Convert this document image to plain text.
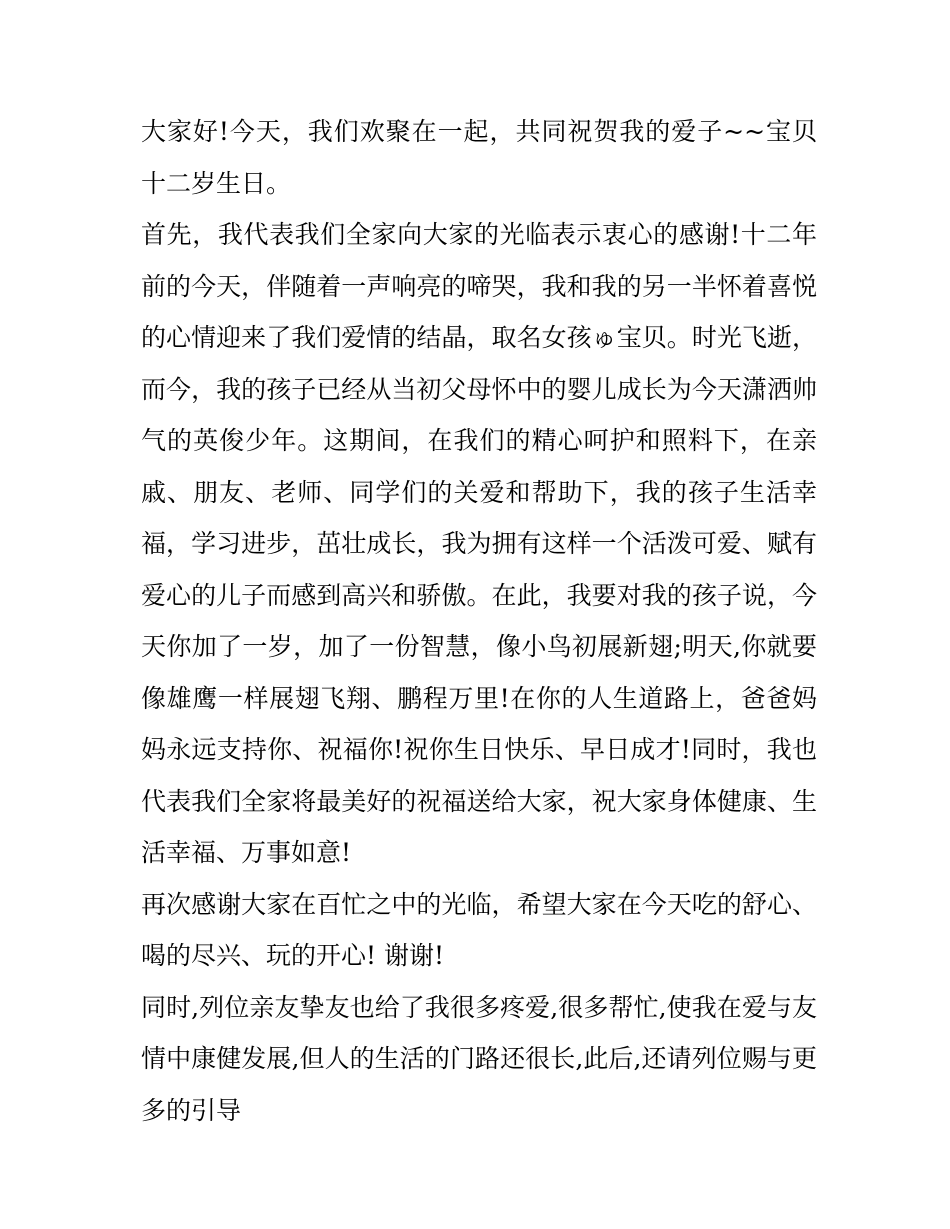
大家好!今天，我们欢聚在一起，共同祝贺我的爱子~~宝贝
十二岁生日。
首先，我代表我们全家向大家的光临表示衷心的感谢!十二年
前的今天，伴随着一声响亮的啼哭，我和我的另一半怀着喜悦
的心情迎来了我们爱情的结晶，取名女孩ゅ宝贝。时光飞逝，
而今，我的孩子已经从当初父母怀中的婴儿成长为今天潇洒帅
气的英俊少年。这期间，在我们的精心呵护和照料下，在亲
戚、朋友、老师、同学们的关爱和帮助下，我的孩子生活幸
福，学习进步，茁壮成长，我为拥有这样一个活泼可爱、赋有
爱心的儿子而感到高兴和骄傲。在此，我要对我的孩子说，今
天你加了一岁，加了一份智慧，像小鸟初展新翅;明天,你就要
像雄鹰一样展翅飞翔、鹏程万里!在你的人生道路上，爸爸妈
妈永远支持你、祝福你!祝你生日快乐、早日成才!同时，我也
代表我们全家将最美好的祝福送给大家，祝大家身体健康、生
活幸福、万事如意!
再次感谢大家在百忙之中的光临，希望大家在今天吃的舒心、
喝的尽兴、玩的开心! 谢谢!
同时,列位亲友挚友也给了我很多疼爱,很多帮忙,使我在爱与友
情中康健发展,但人的生活的门路还很长,此后,还请列位赐与更
多的引导
